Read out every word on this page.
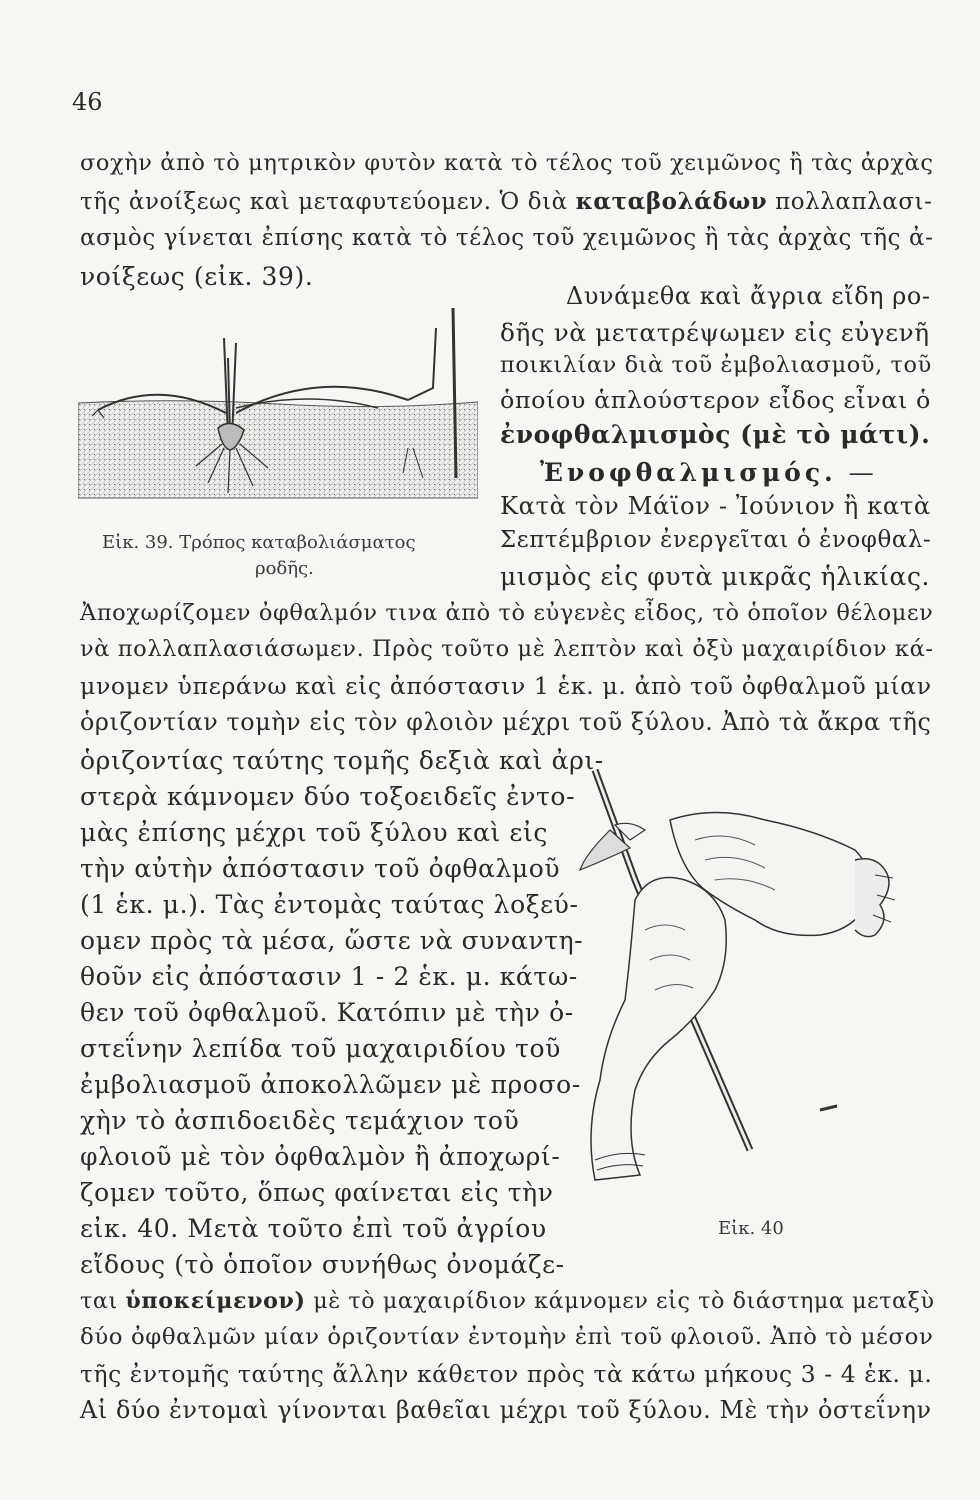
46
σοχὴν ἀπὸ τὸ μητρικὸν φυτὸν κατὰ τὸ τέλος τοῦ χειμῶνος ἢ τὰς ἀρχὰς
τῆς ἀνοίξεως καὶ μεταφυτεύομεν. Ὁ διὰ καταβολάδων πολλαπλασι-
ασμὸς γίνεται ἐπίσης κατὰ τὸ τέλος τοῦ χειμῶνος ἢ τὰς ἀρχὰς τῆς ἀ-
νοίξεως (εἰκ. 39).
Δυνάμεθα καὶ ἄγρια εἴδη ρο-
δῆς νὰ μετατρέψωμεν εἰς εὐγενῆ
ποικιλίαν διὰ τοῦ ἐμβολιασμοῦ, τοῦ
ὁποίου ἁπλούστερον εἶδος εἶναι ὁ
ἐνοφθαλμισμὸς (μὲ τὸ μάτι).
Ἐνοφθαλμισμός. —
Κατὰ τὸν Μάϊον - Ἰούνιον ἢ κατὰ
Σεπτέμβριον ἐνεργεῖται ὁ ἐνοφθαλ-
μισμὸς εἰς φυτὰ μικρᾶς ἡλικίας.
Εἰκ. 39. Τρόπος καταβολιάσματος
ροδῆς.
Ἀποχωρίζομεν ὀφθαλμόν τινα ἀπὸ τὸ εὐγενὲς εἶδος, τὸ ὁποῖον θέλομεν
νὰ πολλαπλασιάσωμεν. Πρὸς τοῦτο μὲ λεπτὸν καὶ ὀξὺ μαχαιρίδιον κά-
μνομεν ὑπεράνω καὶ εἰς ἀπόστασιν 1 ἑκ. μ. ἀπὸ τοῦ ὀφθαλμοῦ μίαν
ὁριζοντίαν τομὴν εἰς τὸν φλοιὸν μέχρι τοῦ ξύλου. Ἀπὸ τὰ ἄκρα τῆς
ὁριζοντίας ταύτης τομῆς δεξιὰ καὶ ἀρι-
στερὰ κάμνομεν δύο τοξοειδεῖς ἐντο-
μὰς ἐπίσης μέχρι τοῦ ξύλου καὶ εἰς
τὴν αὐτὴν ἀπόστασιν τοῦ ὀφθαλμοῦ
(1 ἑκ. μ.). Τὰς ἐντομὰς ταύτας λοξεύ-
ομεν πρὸς τὰ μέσα, ὥστε νὰ συναντη-
θοῦν εἰς ἀπόστασιν 1 - 2 ἑκ. μ. κάτω-
θεν τοῦ ὀφθαλμοῦ. Κατόπιν μὲ τὴν ὀ-
στεΐνην λεπίδα τοῦ μαχαιριδίου τοῦ
ἐμβολιασμοῦ ἀποκολλῶμεν μὲ προσο-
χὴν τὸ ἀσπιδοειδὲς τεμάχιον τοῦ
φλοιοῦ μὲ τὸν ὀφθαλμὸν ἢ ἀποχωρί-
ζομεν τοῦτο, ὅπως φαίνεται εἰς τὴν
εἰκ. 40. Μετὰ τοῦτο ἐπὶ τοῦ ἀγρίου
εἴδους (τὸ ὁποῖον συνήθως ὀνομάζε-
Εἰκ. 40
ται ὑποκείμενον) μὲ τὸ μαχαιρίδιον κάμνομεν εἰς τὸ διάστημα μεταξὺ
δύο ὀφθαλμῶν μίαν ὁριζοντίαν ἐντομὴν ἐπὶ τοῦ φλοιοῦ. Ἀπὸ τὸ μέσον
τῆς ἐντομῆς ταύτης ἄλλην κάθετον πρὸς τὰ κάτω μήκους 3 - 4 ἑκ. μ.
Αἱ δύο ἐντομαὶ γίνονται βαθεῖαι μέχρι τοῦ ξύλου. Μὲ τὴν ὀστεΐνην
